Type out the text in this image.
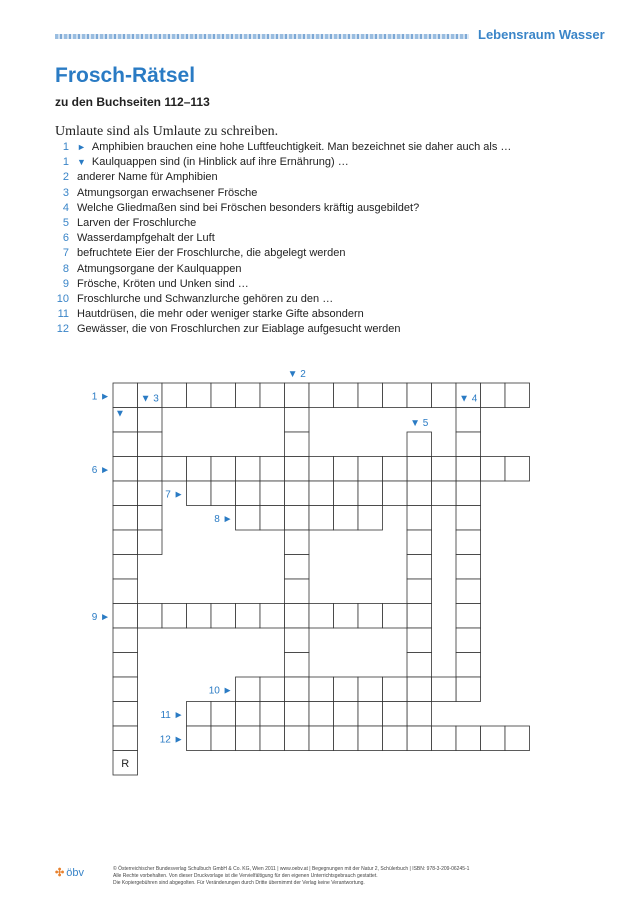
Lebensraum Wasser
Frosch-Rätsel
zu den Buchseiten 112–113
Umlaute sind als Umlaute zu schreiben.
1 ► Amphibien brauchen eine hohe Luftfeuchtigkeit. Man bezeichnet sie daher auch als …
1 ▼ Kaulquappen sind (in Hinblick auf ihre Ernährung) …
2 anderer Name für Amphibien
3 Atmungsorgan erwachsener Frösche
4 Welche Gliedmaßen sind bei Fröschen besonders kräftig ausgebildet?
5 Larven der Froschlurche
6 Wasserdampfgehalt der Luft
7 befruchtete Eier der Froschlurche, die abgelegt werden
8 Atmungsorgane der Kaulquappen
9 Frösche, Kröten und Unken sind …
10 Froschlurche und Schwanzlurche gehören zu den …
11 Hautdrüsen, die mehr oder weniger starke Gifte absondern
12 Gewässer, die von Froschlurchen zur Eiablage aufgesucht werden
1 ►
▼
▼ 2
▼ 3	▼ 4
▼ 5
6 ►
7 ►
8 ►
9 ►
10 ►
11 ►
12 ►
R
✣ öbv	© Österreichischer Bundesverlag Schulbuch GmbH & Co. KG, Wien 2011 | www.oebv.at | Begegnungen mit der Natur 2, Schülerbuch | ISBN: 978-3-209-06245-1
Alle Rechte vorbehalten. Von dieser Druckvorlage ist die Vervielfältigung für den eigenen Unterrichtsgebrauch gestattet.
Die Kopiergebühren sind abgegolten. Für Veränderungen durch Dritte übernimmt der Verlag keine Verantwortung.
